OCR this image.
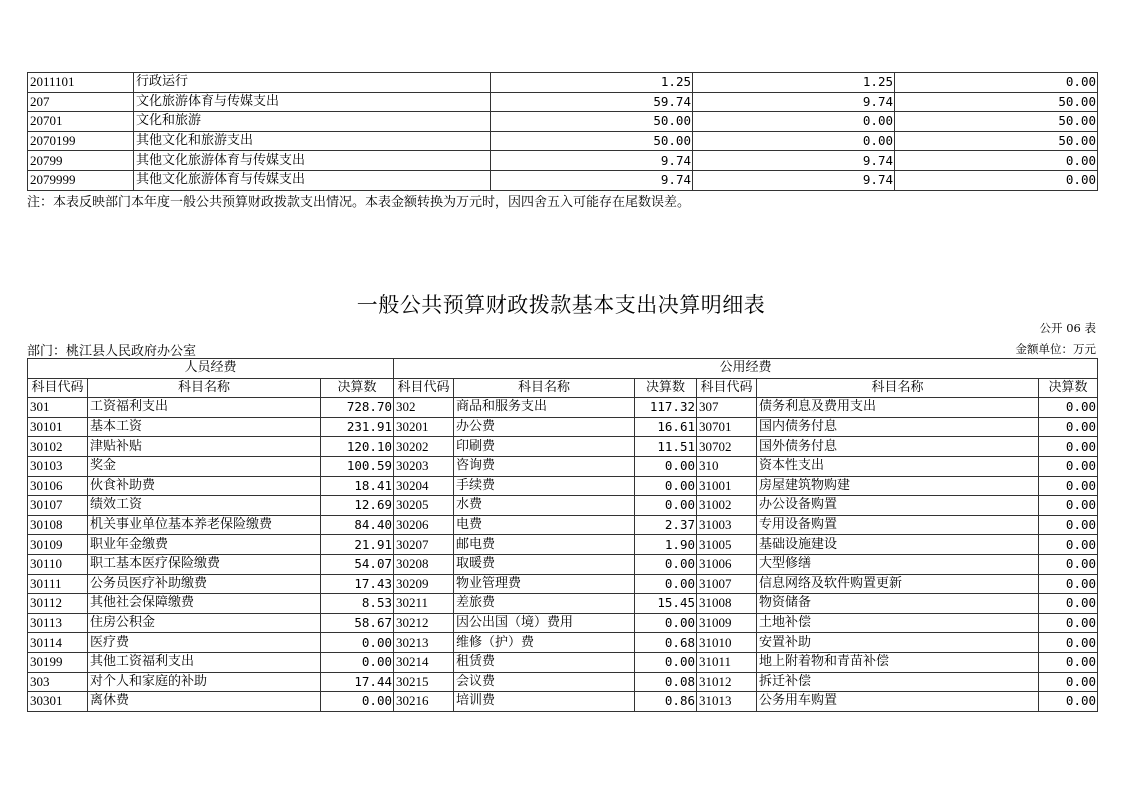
2011101	行政运行	1.25	1.25	0.00
207	文化旅游体育与传媒支出	59.74	9.74	50.00
20701	文化和旅游	50.00	0.00	50.00
2070199	其他文化和旅游支出	50.00	0.00	50.00
20799	其他文化旅游体育与传媒支出	9.74	9.74	0.00
2079999	其他文化旅游体育与传媒支出	9.74	9.74	0.00
注：本表反映部门本年度一般公共预算财政拨款支出情况。本表金额转换为万元时，因四舍五入可能存在尾数误差。
一般公共预算财政拨款基本支出决算明细表
公开 06 表
部门：桃江县人民政府办公室	金额单位：万元
人员经费			公用经费					
科目代码	科目名称	决算数	科目代码	科目名称	决算数	科目代码	科目名称	决算数
301	工资福利支出	728.70	302	商品和服务支出	117.32	307	债务利息及费用支出	0.00
30101	基本工资	231.91	30201	办公费	16.61	30701	国内债务付息	0.00
30102	津贴补贴	120.10	30202	印刷费	11.51	30702	国外债务付息	0.00
30103	奖金	100.59	30203	咨询费	0.00	310	资本性支出	0.00
30106	伙食补助费	18.41	30204	手续费	0.00	31001	房屋建筑物购建	0.00
30107	绩效工资	12.69	30205	水费	0.00	31002	办公设备购置	0.00
30108	机关事业单位基本养老保险缴费	84.40	30206	电费	2.37	31003	专用设备购置	0.00
30109	职业年金缴费	21.91	30207	邮电费	1.90	31005	基础设施建设	0.00
30110	职工基本医疗保险缴费	54.07	30208	取暖费	0.00	31006	大型修缮	0.00
30111	公务员医疗补助缴费	17.43	30209	物业管理费	0.00	31007	信息网络及软件购置更新	0.00
30112	其他社会保障缴费	8.53	30211	差旅费	15.45	31008	物资储备	0.00
30113	住房公积金	58.67	30212	因公出国（境）费用	0.00	31009	土地补偿	0.00
30114	医疗费	0.00	30213	维修（护）费	0.68	31010	安置补助	0.00
30199	其他工资福利支出	0.00	30214	租赁费	0.00	31011	地上附着物和青苗补偿	0.00
303	对个人和家庭的补助	17.44	30215	会议费	0.08	31012	拆迁补偿	0.00
30301	离休费	0.00	30216	培训费	0.86	31013	公务用车购置	0.00
